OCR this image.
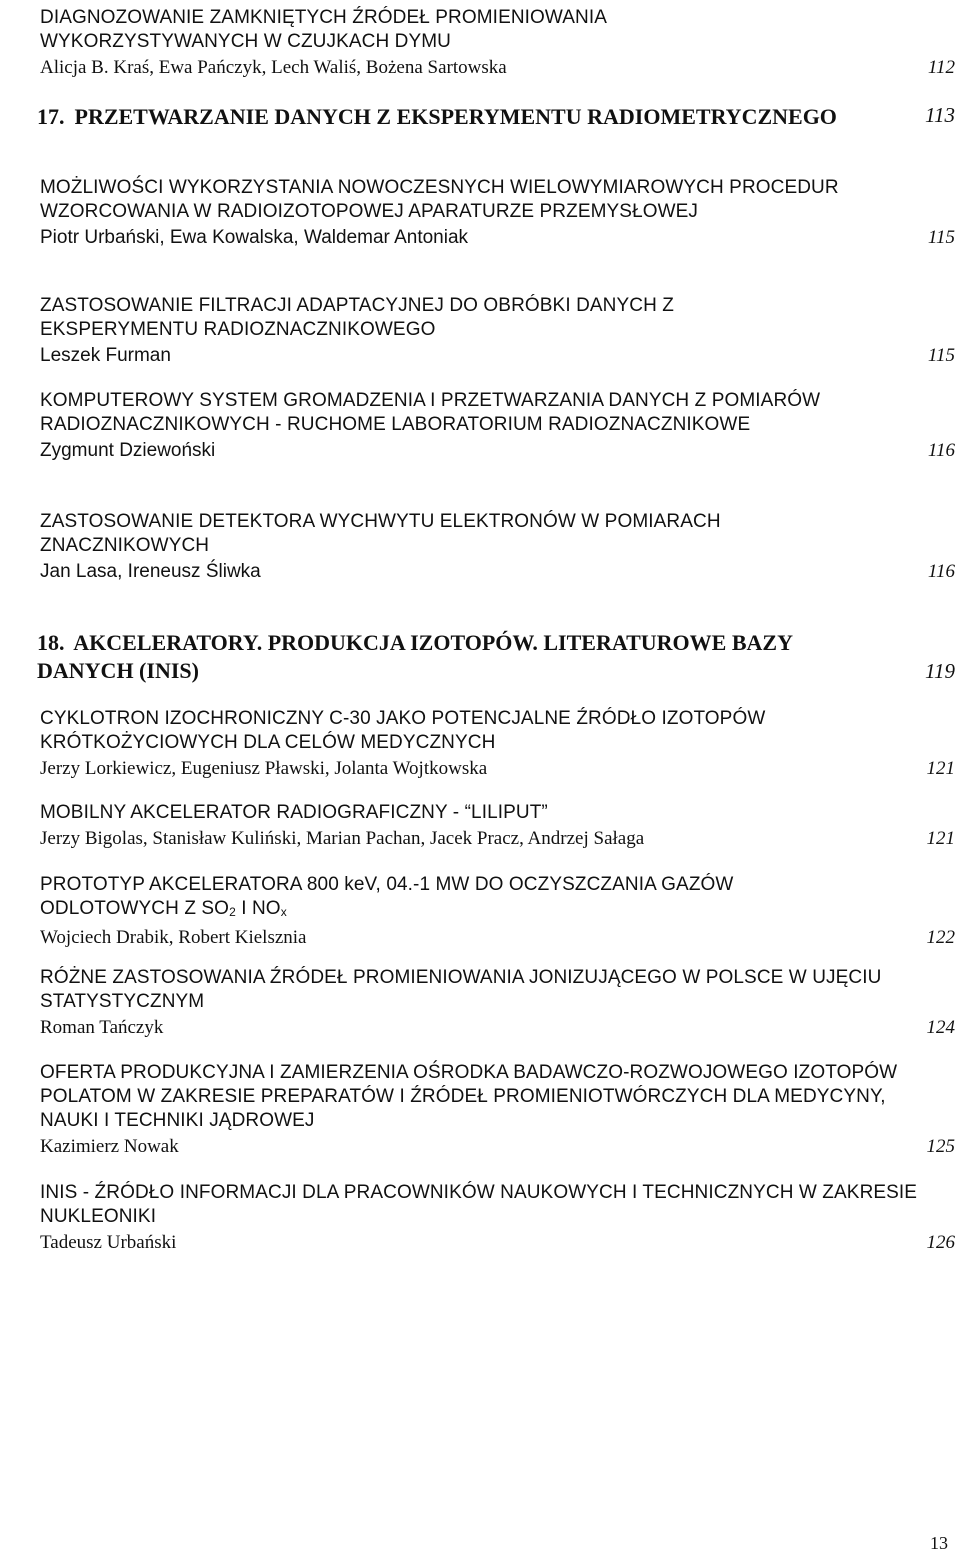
DIAGNOZOWANIE ZAMKNIĘTYCH ŹRÓDEŁ PROMIENIOWANIA WYKORZYSTYWANYCH W CZUJKACH DYMU
Alicja B. Kraś, Ewa Pańczyk, Lech Waliś, Bożena Sartowska	112
17. PRZETWARZANIE DANYCH Z EKSPERYMENTU RADIOMETRYCZNEGO	113
MOŻLIWOŚCI WYKORZYSTANIA NOWOCZESNYCH WIELOWYMIAROWYCH PROCEDUR WZORCOWANIA W RADIOIZOTOPOWEJ APARATURZE PRZEMYSŁOWEJ
Piotr Urbański, Ewa Kowalska, Waldemar Antoniak	115
ZASTOSOWANIE FILTRACJI ADAPTACYJNEJ DO OBRÓBKI DANYCH Z EKSPERYMENTU RADIOZNACZNIKOWEGO
Leszek Furman	115
KOMPUTEROWY SYSTEM GROMADZENIA I PRZETWARZANIA DANYCH Z POMIARÓW RADIOZNACZNIKOWYCH - RUCHOME LABORATORIUM RADIOZNACZNIKOWE
Zygmunt Dziewoński	116
ZASTOSOWANIE DETEKTORA WYCHWYTU ELEKTRONÓW W POMIARACH ZNACZNIKOWYCH
Jan Lasa, Ireneusz Śliwka	116
18. AKCELERATORY. PRODUKCJA IZOTOPÓW. LITERATUROWE BAZY DANYCH (INIS)	119
CYKLOTRON IZOCHRONICZNY C-30 JAKO POTENCJALNE ŹRÓDŁO IZOTOPÓW KRÓTKOŻYCIOWYCH DLA CELÓW MEDYCZNYCH
Jerzy Lorkiewicz, Eugeniusz Pławski, Jolanta Wojtkowska	121
MOBILNY AKCELERATOR RADIOGRAFICZNY - “LILIPUT”
Jerzy Bigolas, Stanisław Kuliński, Marian Pachan, Jacek Pracz, Andrzej Sałaga	121
PROTOTYP AKCELERATORA 800 keV, 04.-1 MW DO OCZYSZCZANIA GAZÓW ODLOTOWYCH Z $SO_2$ I $NO_x$
Wojciech Drabik, Robert Kielsznia	122
RÓŻNE ZASTOSOWANIA ŹRÓDEŁ PROMIENIOWANIA JONIZUJĄCEGO W POLSCE W UJĘCIU STATYSTYCZNYM
Roman Tańczyk	124
OFERTA PRODUKCYJNA I ZAMIERZENIA OŚRODKA BADAWCZO-ROZWOJOWEGO IZOTOPÓW POLATOM W ZAKRESIE PREPARATÓW I ŹRÓDEŁ PROMIENIOTWÓRCZYCH DLA MEDYCYNY, NAUKI I TECHNIKI JĄDROWEJ
Kazimierz Nowak	125
INIS - ŹRÓDŁO INFORMACJI DLA PRACOWNIKÓW NAUKOWYCH I TECHNICZNYCH W ZAKRESIE NUKLEONIKI
Tadeusz Urbański	126
13
